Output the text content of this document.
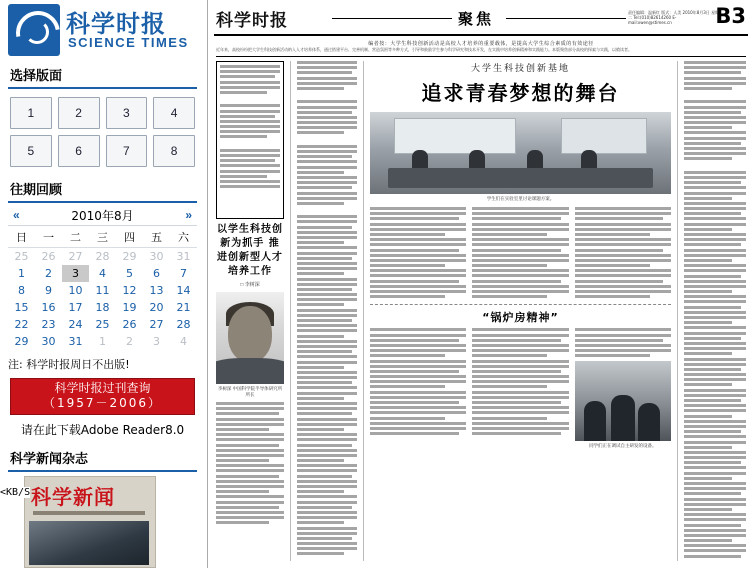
科学时报
SCIENCE TIMES
选择版面
1	2	3	4
5	6	7	8
往期回顾
«	2010年8月	»
日	一	二	三	四	五	六
25	26	27	28	29	30	31
1	2	3	4	5	6	7
8	9	10	11	12	13	14
15	16	17	18	19	20	21
22	23	24	25	26	27	28
29	30	31	1	2	3	4
注: 科学时报周日不出版!
科学时报过刊查询
（1957－2006）
请在此下载Adobe Reader8.0
科学新闻杂志
科学新闻
<KB/S
科学时报	聚焦	责任编辑：温新红 版式：人美 2010年8月3日 星期二 Tel:(010)82614260 E-mail:xwen@stimes.cn	B3
编者按：大学生科技创新活动是高校人才培养的重要载体，是提高大学生综合素质的有效途径
近年来，高校纷纷把大学生科技创新活动纳入人才培养体系，通过搭建平台、完善机制、营造氛围等多种方式，引导和鼓励学生参与科学研究和技术开发，在实践中培养创新精神和实践能力。本版聚焦部分高校的探索与实践，以飨读者。
以学生科技创新为抓手 推进创新型人才培养工作
□ 李树深
李树深 中国科学院半导体研究所所长
大学生科技创新基地
追求青春梦想的舞台
学生们在实验室里讨论课题方案。
“锅炉房精神”
同学们正在调试自主研发的设备。
